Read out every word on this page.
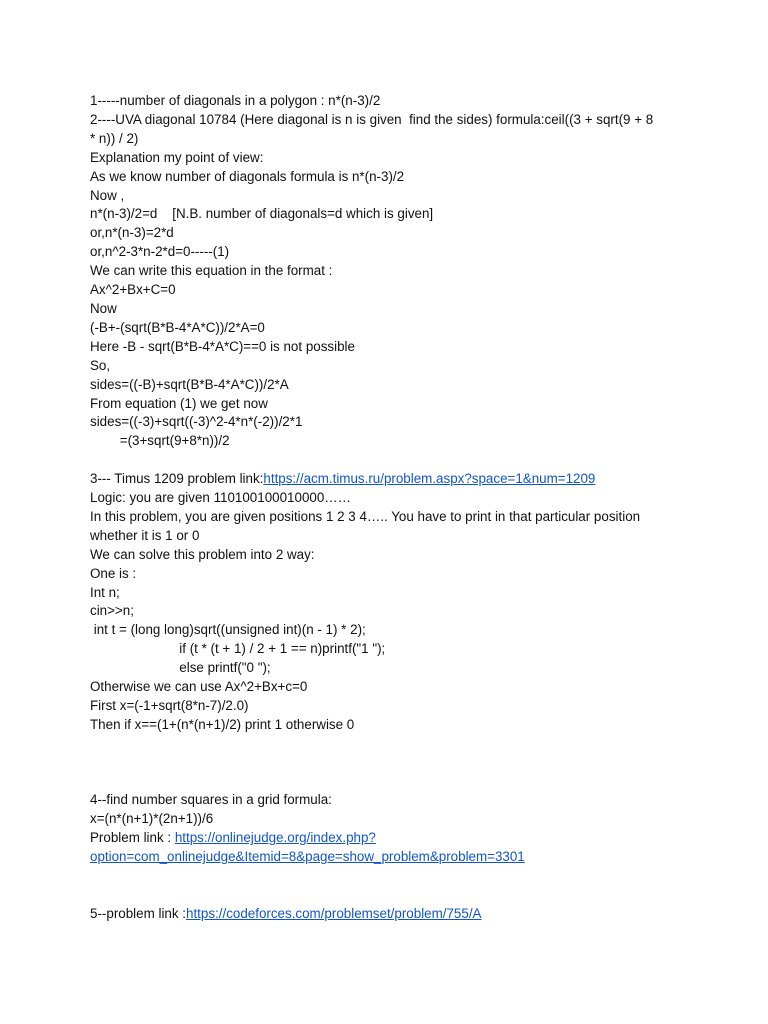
1-----number of diagonals in a polygon : n*(n-3)/2
2----UVA diagonal 10784 (Here diagonal is n is given  find the sides) formula:ceil((3 + sqrt(9 + 8
* n)) / 2)
Explanation my point of view:
As we know number of diagonals formula is n*(n-3)/2
Now ,
n*(n-3)/2=d    [N.B. number of diagonals=d which is given]
or,n*(n-3)=2*d
or,n^2-3*n-2*d=0-----(1)
We can write this equation in the format :
Ax^2+Bx+C=0
Now
(-B+-(sqrt(B*B-4*A*C))/2*A=0
Here -B - sqrt(B*B-4*A*C)==0 is not possible
So,
sides=((-B)+sqrt(B*B-4*A*C))/2*A
From equation (1) we get now
sides=((-3)+sqrt((-3)^2-4*n*(-2))/2*1
=(3+sqrt(9+8*n))/2
3--- Timus 1209 problem link:https://acm.timus.ru/problem.aspx?space=1&num=1209
Logic: you are given 110100100010000……
In this problem, you are given positions 1 2 3 4….. You have to print in that particular position whether it is 1 or 0
We can solve this problem into 2 way:
One is :
Int n;
cin>>n;
int t = (long long)sqrt((unsigned int)(n - 1) * 2);
if (t * (t + 1) / 2 + 1 == n)printf("1 ");
else printf("0 ");
Otherwise we can use Ax^2+Bx+c=0
First x=(-1+sqrt(8*n-7)/2.0)
Then if x==(1+(n*(n+1)/2) print 1 otherwise 0
4--find number squares in a grid formula:
x=(n*(n+1)*(2n+1))/6
Problem link : https://onlinejudge.org/index.php?
option=com_onlinejudge&Itemid=8&page=show_problem&problem=3301
5--problem link :https://codeforces.com/problemset/problem/755/A
